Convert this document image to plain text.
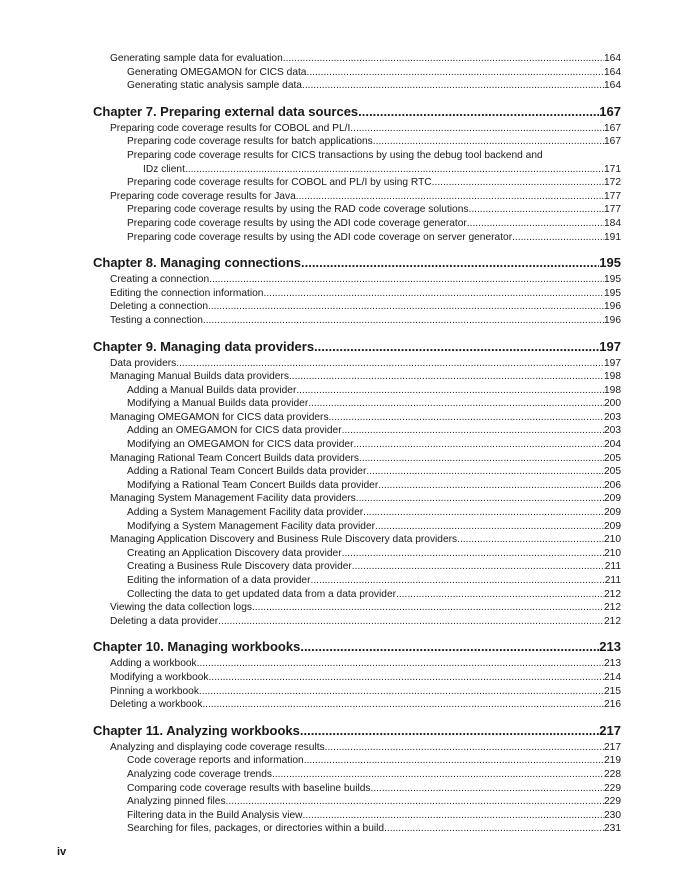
Generating sample data for evaluation .....	164
Generating OMEGAMON for CICS data .....	164
Generating static analysis sample data .....	164
Chapter 7. Preparing external data sources .....	167
Preparing code coverage results for COBOL and PL/I .....	167
Preparing code coverage results for batch applications .....	167
Preparing code coverage results for CICS transactions by using the debug tool backend and
IDz client .....	171
Preparing code coverage results for COBOL and PL/I by using RTC .....	172
Preparing code coverage results for Java .....	177
Preparing code coverage results by using the RAD code coverage solutions .....	177
Preparing code coverage results by using the ADI code coverage generator .....	184
Preparing code coverage results by using the ADI code coverage on server generator .....	191
Chapter 8. Managing connections .....	195
Creating a connection .....	195
Editing the connection information .....	195
Deleting a connection .....	196
Testing a connection .....	196
Chapter 9. Managing data providers .....	197
Data providers .....	197
Managing Manual Builds data providers .....	198
Adding a Manual Builds data provider .....	198
Modifying a Manual Builds data provider .....	200
Managing OMEGAMON for CICS data providers .....	203
Adding an OMEGAMON for CICS data provider .....	203
Modifying an OMEGAMON for CICS data provider .....	204
Managing Rational Team Concert Builds data providers .....	205
Adding a Rational Team Concert Builds data provider .....	205
Modifying a Rational Team Concert Builds data provider .....	206
Managing System Management Facility data providers .....	209
Adding a System Management Facility data provider .....	209
Modifying a System Management Facility data provider .....	209
Managing Application Discovery and Business Rule Discovery data providers .....	210
Creating an Application Discovery data provider .....	210
Creating a Business Rule Discovery data provider .....	211
Editing the information of a data provider .....	211
Collecting the data to get updated data from a data provider .....	212
Viewing the data collection logs .....	212
Deleting a data provider .....	212
Chapter 10. Managing workbooks .....	213
Adding a workbook .....	213
Modifying a workbook .....	214
Pinning a workbook .....	215
Deleting a workbook .....	216
Chapter 11. Analyzing workbooks .....	217
Analyzing and displaying code coverage results .....	217
Code coverage reports and information .....	219
Analyzing code coverage trends .....	228
Comparing code coverage results with baseline builds .....	229
Analyzing pinned files .....	229
Filtering data in the Build Analysis view .....	230
Searching for files, packages, or directories within a build .....	231
iv
